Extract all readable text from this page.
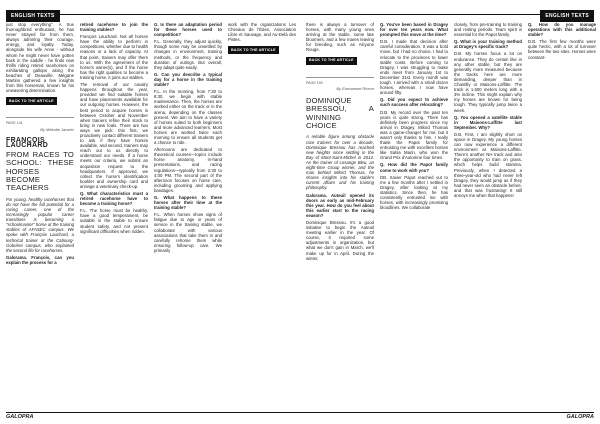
ENGLISH TEXTS

just stop everything". A true thoroughbred enthusiast, he has never strayed far from them, always admiring their courage, energy, and loyalty. Today, alongside his wife Anne - without whom he might never have gotten back in the saddle - he finds new thrills riding retired racehorses on exhilarating gallops along the beaches of Deauville. Mégane Martins gathered a few insights from this horseman, known for his unwavering determination.

BACK TO THE ARTICLE
PAGE 141
By Mélodie Janvier
FRANÇOIS LAUCHARD
FROM RACES TO SCHOOL: THESE HORSES BECOME TEACHERS

For young, healthy racehorses that do not have the full potential for a racing career, one of the increasingly popular career transitions is becoming a "schoolmaster" horse at the training stables of AFASEC campus. We spoke with François Lauchard, a technical trainer at the Cabourg-Gobrière campus, who explained the second life for racehorses.

Galorama. François, can you explain the process for a

retired racehorse to join the training stables?

François Lauchard. Not all horses have the ability to perform in competitions, whether due to health reasons or a lack of capacity. At that point, trainers may offer them to us. With the agreement of the horse's owner(s), and if the horse has the right qualities to become a training horse, it joins our stables.

The removal of our cavalry happens throughout the year, provided we find suitable horses and have placements available for our outgoing horses. However, the best period to acquire horses is between October and November when trainers refine their stock to bring in new foals. There are two ways we pick: this first, we proactively contact different trainers to ask if they have horses available, and second, trainers may reach out to us directly to understand our needs. If a horse meets our criteria, we submit an acquisition request to the headquarters. If approved, we collect the horse's identification booklet and ownership card and arrange a veterinary check-up.

Q. What characteristics must a retired racehorse have to become a training horse?

F.L. The horse must be healthy, have a good temperament, be suitable in the stable to ensure student safety, and not present significant difficulties when ridden.

G. Is there an adaptation period for these horses used to competition?

F.L. Generally, they adjust quickly, though some may be unsettled by changes in environment, training methods, or the frequency and duration of outings. But overall, they adapt quite easily.

G. Can you describe a typical day for a horse in the training stable?

F.L. In the morning, from 7:30 to 8:30, we begin with stable maintenance. Then, the horses are worked either on the track or in the arena, depending on the classes present. We aim to have a variety of horses suited to both beginners and more advanced learners. Most horses are worked twice each morning to ensure all students get a chance to ride.

Afternoons are dedicated to theoretical courses—topics include horse anatomy, in-hand presentations, and racing regulations—typically from 2:30 to 4:00 PM. The second part of the afternoon focuses on horse care, including grooming and applying bandages.

G. What happens to these horses after their time at the training stable?

F.L. When horses show signs of fatigue due to age or years of service in the training stable, we collaborate with various associations that take them in and carefully rehome them while ensuring follow-up care. We primarily

work with the organizations Les Chevaux de l'Éden, Association Libre et Sauvage, and Au-Delà des Pistes.

BACK TO THE ARTICLE
GALOPRA
ENGLISH TEXTS

there is always a turnover of horses, with many young ones arriving at the stable, some late bloomers, and a few mares leaving for breeding, such as Alcyone Rouge.

BACK TO THE ARTICLE
PAGE 150
By Emmanuel Rivron
DOMINIQUE BRESSOU, A WINNING CHOICE

A reliable figure among obstacle race trainers for over a decade, Dominique Bressou has reached new heights since settling in the Bay of Mont-Saint-Michel in 2014. As the trainer of Losange Bleu, an eight-time Group winner, and the man behind Milord Thomas, he shares insights into his stable's current affairs and his training philosophy.

Galorama. Auteuil opened its doors as early as mid-February this year. How do you feel about this earlier start to the racing season?

Dominique Bressou. It's a good initiative to begin the Auteuil meeting earlier in the year. Of course, it required some adjustments in organization, but what we don't gain in March, we'll make up for in April. During the winter,

Q. You've been based in Dragey for over ten years now. What prompted this move at the time?

D.B. I made that decision after careful consideration. It was a bold move, but I had no choice. I had to relocate to the provinces to lower stable costs. Before coming to Dragey, I was struggling to make ends meet from January 1st to December 31st. Every month was tough. I arrived with a small dozen horses, whereas I now have around fifty.

Q. Did you expect to achieve such success after relocating?

D.B. My record over the past ten years is quite strong. There has definitely been progress since my arrival in Dragey. Milord Thomas was a game-changer for me, but it wasn't only thanks to him. I really thank the Papot family for entrusting me with excellent horses like Salsa Marin, who won the Grand Prix d'Automne four times.

Q. How did the Papot family come to work with you?

DB. Xavier Papot reached out to me a few months after I settled in Dragey, after looking at my statistics. Since then, he has consistently entrusted me with horses, with increasingly promising bloodlines. We collaborate

closely, from pre-training to training and resting periods. Team spirit is essential for the Papot family.

Q. What is your training method at Dragey's specific track?

D.B. My horses focus a lot on endurance. They do certain like in any other stable, but they are generally more measured because the tracks here are more demanding, deeper than in Chantilly or Maisons-Laffitte. The track is 1,600 meters long with a 3% incline. This might explain why my horses are known for being tough. They typically jump twice a week.

Q. You opened a satellite stable in Maisons-Laffitte last September. Why?

D.B. First, I am slightly short on space in Dragey. My young horses can now experience a different environment at Maisons-Laffitte. There's another NH track and also the opportunity to train on grass, which helps build stamina. Previously, when I detected a three-year-old who had never left Dragey, they would jump as if they had never seen an obstacle before, and that was frustrating! It still annoys me when that happens!

Q. How do you manage operations with this additional stable?

D.B. The first few months were quite hectic, with a lot of turnover between the two sites. Horses were constant-

GALOPRA
